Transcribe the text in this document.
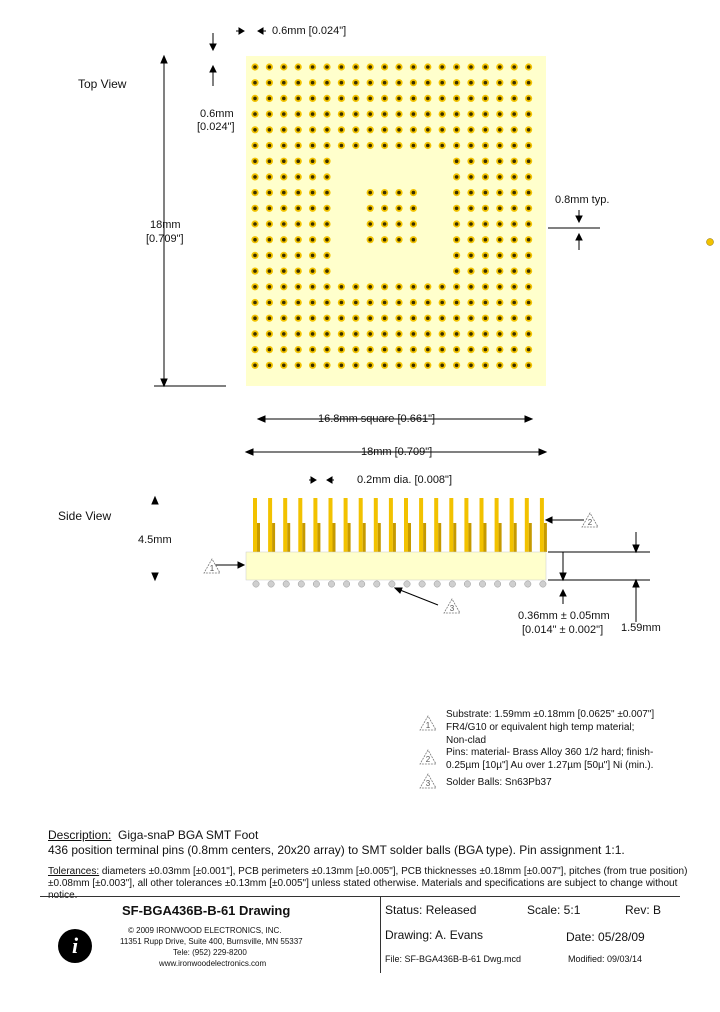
1
2
3
1
2
3
Top View
0.6mm [0.024"]
0.6mm
[0.024"]
18mm
[0.709"]
0.8mm typ.
16.8mm square [0.661"]
18mm [0.709"]
Side View
4.5mm
0.2mm dia. [0.008"]
0.36mm ± 0.05mm
[0.014" ± 0.002"] 1.59mm
Substrate: 1.59mm ±0.18mm [0.0625" ±0.007"]
FR4/G10 or equivalent high temp material;
Non-clad
Pins: material- Brass Alloy 360 1/2 hard; finish-
0.25µm [10µ"] Au over 1.27µm [50µ"] Ni (min.).
Solder Balls: Sn63Pb37
Description: Giga-snaP BGA SMT Foot
436 position terminal pins (0.8mm centers, 20x20 array) to SMT solder balls (BGA type). Pin assignment 1:1.
Tolerances: diameters ±0.03mm [±0.001"], PCB perimeters ±0.13mm [±0.005"], PCB thicknesses ±0.18mm [±0.007"], pitches (from true position)
±0.08mm [±0.003"], all other tolerances ±0.13mm [±0.005"] unless stated otherwise. Materials and specifications are subject to change without notice.
SF-BGA436B-B-61 Drawing
i
© 2009 IRONWOOD ELECTRONICS, INC.
11351 Rupp Drive, Suite 400, Burnsville, MN 55337
Tele: (952) 229-8200
www.ironwoodelectronics.com
Status: Released	Scale: 5:1	Rev: B
Drawing: A. Evans	Date: 05/28/09
File: SF-BGA436B-B-61 Dwg.mcd	Modified: 09/03/14
